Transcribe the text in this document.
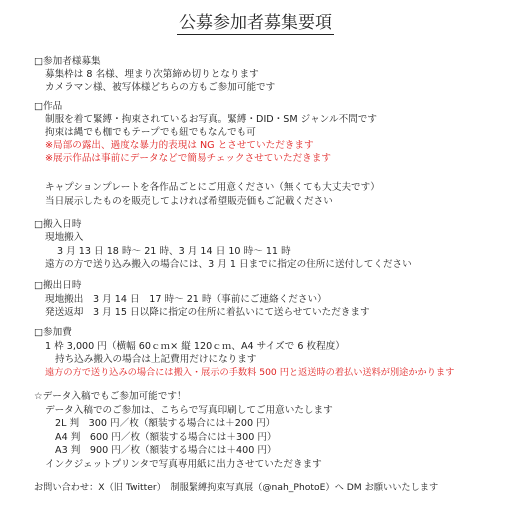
公募参加者募集要項
□参加者様募集
募集枠は 8 名様、埋まり次第締め切りとなります
カメラマン様、被写体様どちらの方もご参加可能です
□作品
制服を着て緊縛・拘束されているお写真。緊縛・DID・SM ジャンル不問です
拘束は縄でも枷でもテープでも紐でもなんでも可
※局部の露出、過度な暴力的表現は NG とさせていただきます
※展示作品は事前にデータなどで簡易チェックさせていただきます
キャプションプレートを各作品ごとにご用意ください（無くても大丈夫です）
当日展示したものを販売してよければ希望販売価もご記載ください
□搬入日時
現地搬入
3 月 13 日 18 時～ 21 時、3 月 14 日 10 時～ 11 時
遠方の方で送り込み搬入の場合には、3 月 1 日までに指定の住所に送付してください
□搬出日時
現地搬出　3 月 14 日　17 時～ 21 時（事前にご連絡ください）
発送返却　3 月 15 日以降に指定の住所に着払いにて送らせていただきます
□参加費
1 枠 3,000 円（横幅 60ｃｍ× 縦 120ｃｍ、A4 サイズで 6 枚程度）
持ち込み搬入の場合は上記費用だけになります
遠方の方で送り込みの場合には搬入・展示の手数料 500 円と返送時の着払い送料が別途かかります
☆データ入稿でもご参加可能です！
データ入稿でのご参加は、こちらで写真印刷してご用意いたします
2L 判　300 円／枚（額装する場合には＋200 円）
A4 判　600 円／枚（額装する場合には＋300 円）
A3 判　900 円／枚（額装する場合には＋400 円）
インクジェットプリンタで写真専用紙に出力させていただきます
お問い合わせ：X（旧 Twitter）　制服緊縛拘束写真展（@nah_PhotoE）へ DM お願いいたします
